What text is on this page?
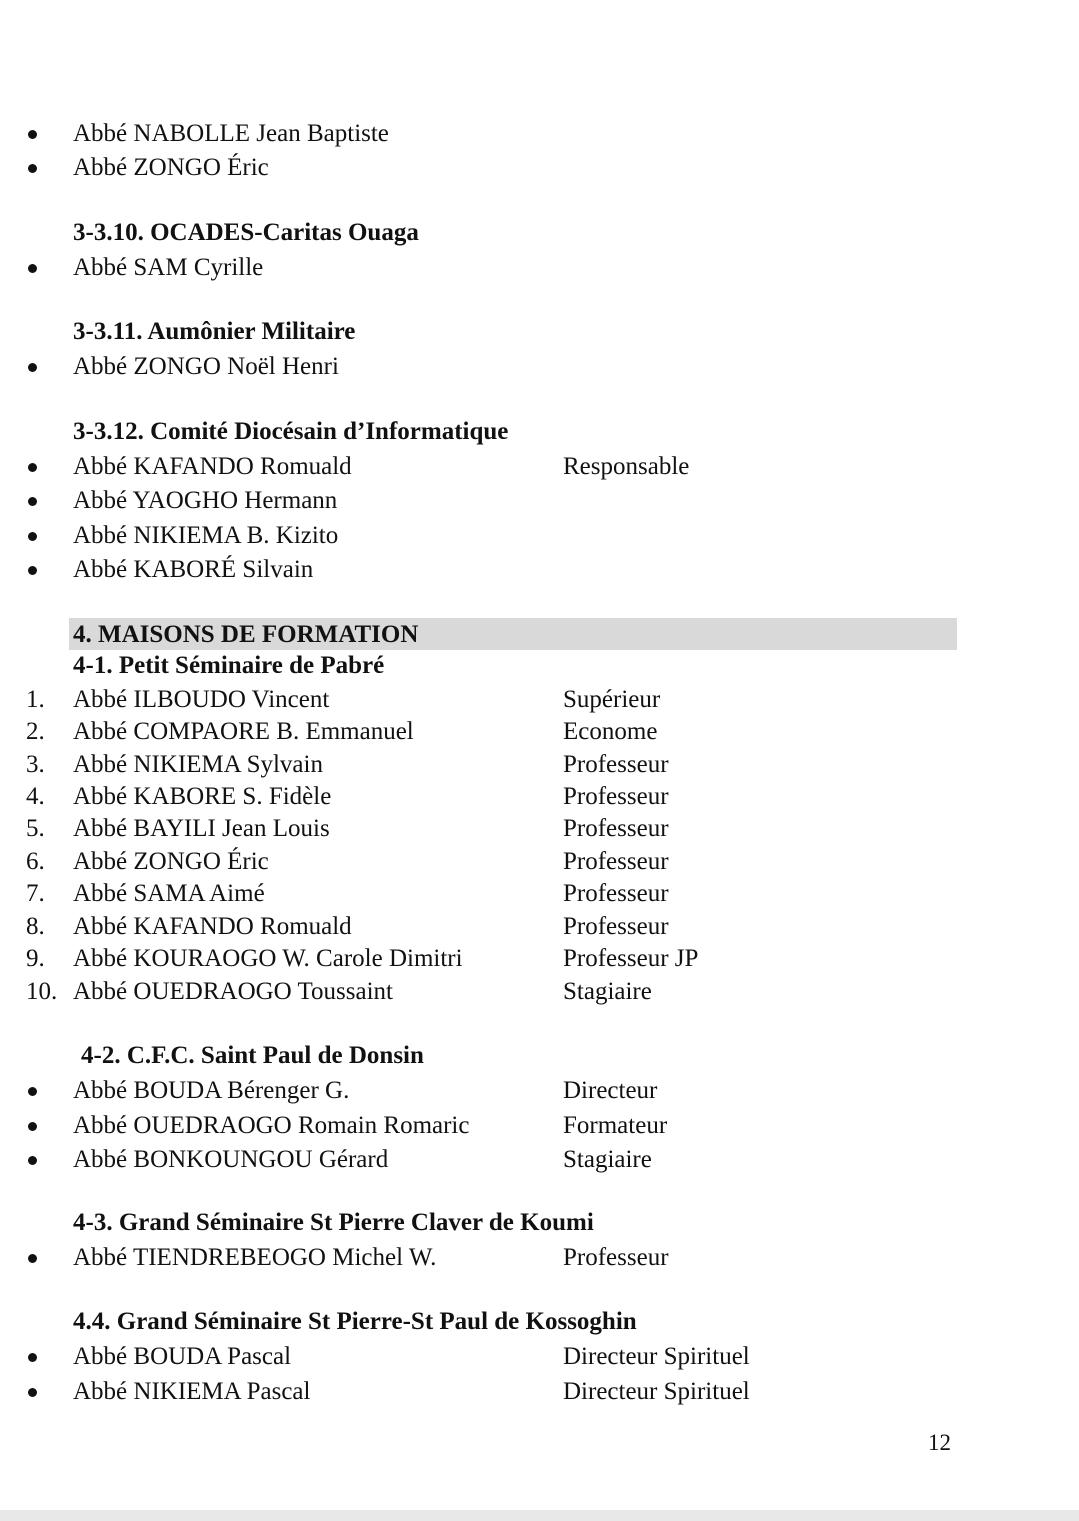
Abbé NABOLLE Jean Baptiste
Abbé ZONGO Éric
3-3.10. OCADES-Caritas Ouaga
Abbé SAM Cyrille
3-3.11. Aumônier Militaire
Abbé ZONGO Noël Henri
3-3.12. Comité Diocésain d’Informatique
Abbé KAFANDO Romuald	Responsable
Abbé YAOGHO Hermann
Abbé NIKIEMA B. Kizito
Abbé KABORÉ Silvain
4. MAISONS DE FORMATION
4-1. Petit Séminaire de Pabré
1. Abbé ILBOUDO Vincent	Supérieur
2. Abbé COMPAORE B. Emmanuel	Econome
3. Abbé NIKIEMA Sylvain	Professeur
4. Abbé KABORE S. Fidèle	Professeur
5. Abbé BAYILI Jean Louis	Professeur
6. Abbé ZONGO Éric	Professeur
7. Abbé SAMA Aimé	Professeur
8. Abbé KAFANDO Romuald	Professeur
9. Abbé KOURAOGO W. Carole Dimitri	Professeur JP
10. Abbé OUEDRAOGO Toussaint	Stagiaire
4-2. C.F.C. Saint Paul de Donsin
Abbé BOUDA Bérenger G.	Directeur
Abbé OUEDRAOGO Romain Romaric	Formateur
Abbé BONKOUNGOU Gérard	Stagiaire
4-3. Grand Séminaire St Pierre Claver de Koumi
Abbé TIENDREBEOGO Michel W.	Professeur
4.4. Grand Séminaire St Pierre-St Paul de Kossoghin
Abbé BOUDA Pascal	Directeur Spirituel
Abbé NIKIEMA Pascal	Directeur Spirituel
12
